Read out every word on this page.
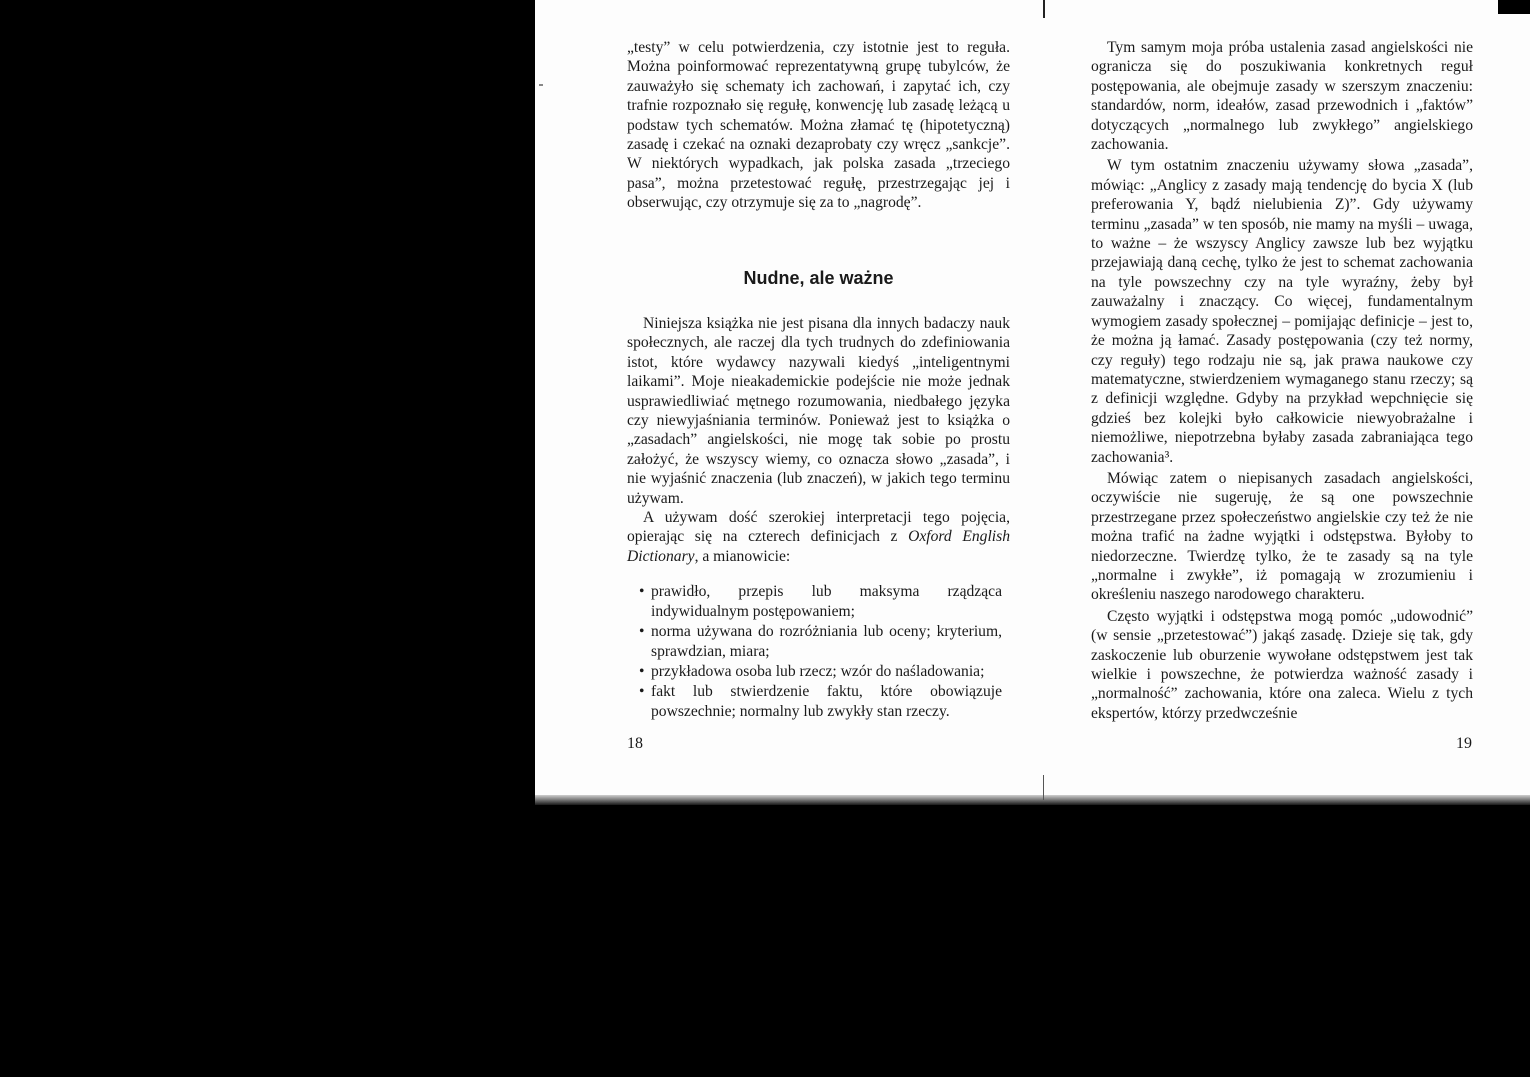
„testy” w celu potwierdzenia, czy istotnie jest to reguła. Można poinformować reprezentatywną grupę tubylców, że zauważyło się schematy ich zachowań, i zapytać ich, czy trafnie rozpoznało się regułę, konwencję lub zasadę leżącą u podstaw tych schematów. Można złamać tę (hipotetyczną) zasadę i czekać na oznaki dezaprobaty czy wręcz „sankcje”. W niektórych wypadkach, jak polska zasada „trzeciego pasa”, można przetestować regułę, przestrzegając jej i obserwując, czy otrzymuje się za to „nagrodę”.

Nudne, ale ważne

Niniejsza książka nie jest pisana dla innych badaczy nauk społecznych, ale raczej dla tych trudnych do zdefiniowania istot, które wydawcy nazywali kiedyś „inteligentnymi laikami”. Moje nieakademickie podejście nie może jednak usprawiedliwiać mętnego rozumowania, niedbałego języka czy niewyjaśniania terminów. Ponieważ jest to książka o „zasadach” angielskości, nie mogę tak sobie po prostu założyć, że wszyscy wiemy, co oznacza słowo „zasada”, i nie wyjaśnić znaczenia (lub znaczeń), w jakich tego terminu używam.

A używam dość szerokiej interpretacji tego pojęcia, opierając się na czterech definicjach z Oxford English Dictionary, a mianowicie:

• prawidło, przepis lub maksyma rządząca indywidualnym postępowaniem;
• norma używana do rozróżniania lub oceny; kryterium, sprawdzian, miara;
• przykładowa osoba lub rzecz; wzór do naśladowania;
• fakt lub stwierdzenie faktu, które obowiązuje powszechnie; normalny lub zwykły stan rzeczy.
18

Tym samym moja próba ustalenia zasad angielskości nie ogranicza się do poszukiwania konkretnych reguł postępowania, ale obejmuje zasady w szerszym znaczeniu: standardów, norm, ideałów, zasad przewodnich i „faktów” dotyczących „normalnego lub zwykłego” angielskiego zachowania.

W tym ostatnim znaczeniu używamy słowa „zasada”, mówiąc: „Anglicy z zasady mają tendencję do bycia X (lub preferowania Y, bądź nielubienia Z)”. Gdy używamy terminu „zasada” w ten sposób, nie mamy na myśli – uwaga, to ważne – że wszyscy Anglicy zawsze lub bez wyjątku przejawiają daną cechę, tylko że jest to schemat zachowania na tyle powszechny czy na tyle wyraźny, żeby był zauważalny i znaczący. Co więcej, fundamentalnym wymogiem zasady społecznej – pomijając definicje – jest to, że można ją łamać. Zasady postępowania (czy też normy, czy reguły) tego rodzaju nie są, jak prawa naukowe czy matematyczne, stwierdzeniem wymaganego stanu rzeczy; są z definicji względne. Gdyby na przykład wepchnięcie się gdzieś bez kolejki było całkowicie niewyobrażalne i niemożliwe, niepotrzebna byłaby zasada zabraniająca tego zachowania³.

Mówiąc zatem o niepisanych zasadach angielskości, oczywiście nie sugeruję, że są one powszechnie przestrzegane przez społeczeństwo angielskie czy też że nie można trafić na żadne wyjątki i odstępstwa. Byłoby to niedorzeczne. Twierdzę tylko, że te zasady są na tyle „normalne i zwykłe”, iż pomagają w zrozumieniu i określeniu naszego narodowego charakteru.

Często wyjątki i odstępstwa mogą pomóc „udowodnić” (w sensie „przetestować”) jakąś zasadę. Dzieje się tak, gdy zaskoczenie lub oburzenie wywołane odstępstwem jest tak wielkie i powszechne, że potwierdza ważność zasady i „normalność” zachowania, które ona zaleca. Wielu z tych ekspertów, którzy przedwcześnie

19
